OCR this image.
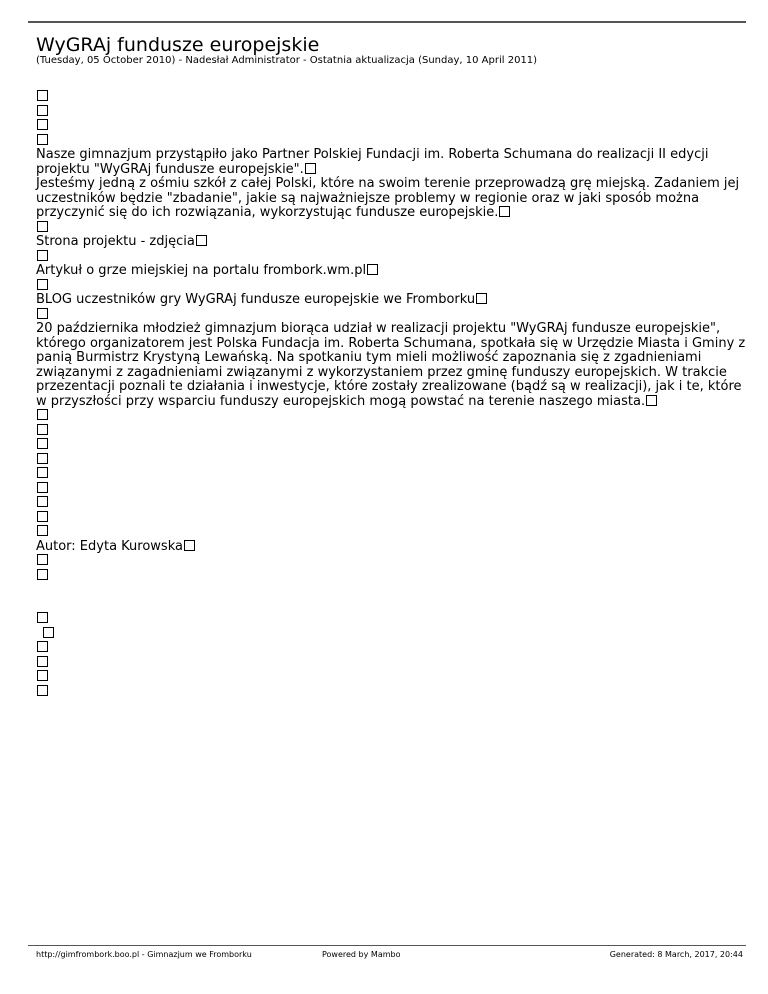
WyGRAj fundusze europejskie
(Tuesday, 05 October 2010) - Nadesłał Administrator - Ostatnia aktualizacja (Sunday, 10 April 2011)
Nasze gimnazjum przystąpiło jako Partner Polskiej Fundacji im. Roberta Schumana do realizacji II edycji projektu "WyGRAj fundusze europejskie".
Jesteśmy jedną z ośmiu szkół z całej Polski, które na swoim terenie przeprowadzą grę miejską. Zadaniem jej uczestników będzie "zbadanie", jakie są najważniejsze problemy w regionie oraz w jaki sposób można przyczynić się do ich rozwiązania, wykorzystując fundusze europejskie.
Strona projektu - zdjęcia
Artykuł o grze miejskiej na portalu frombork.wm.pl
BLOG uczestników gry WyGRAj fundusze europejskie we Fromborku
20 października młodzież gimnazjum biorąca udział w realizacji projektu "WyGRAj fundusze europejskie", którego organizatorem jest Polska Fundacja im. Roberta Schumana, spotkała się w Urzędzie Miasta i Gminy z panią Burmistrz Krystyną Lewańską. Na spotkaniu tym mieli możliwość zapoznania się z zgadnieniami związanymi z zagadnieniami związanymi z wykorzystaniem przez gminę funduszy europejskich. W trakcie przezentacji poznali te działania i inwestycje, które zostały zrealizowane (bądź są w realizacji), jak i te, które w przyszłości przy wsparciu funduszy europejskich mogą powstać na terenie naszego miasta.
Autor: Edyta Kurowska
http://gimfrombork.boo.pl - Gimnazjum we Fromborku	Powered by Mambo	Generated: 8 March, 2017, 20:44
